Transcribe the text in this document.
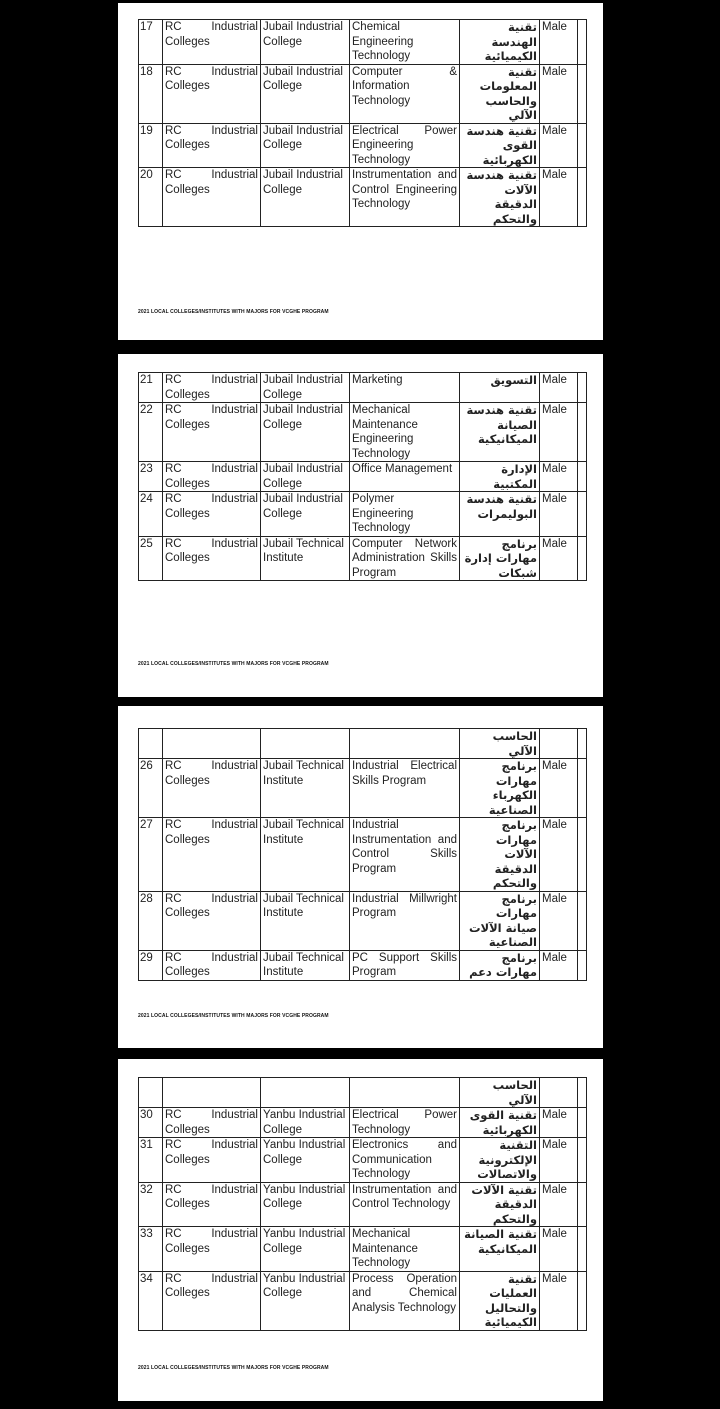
17	RC Industrial
Colleges	Jubail Industrial College	Chemical Engineering Technology	تقنية الهندسة الكيميائية	Male	
18	RC Industrial
Colleges	Jubail Industrial College	Computer & Information Technology	تقنية المعلومات والحاسب الآلي	Male	
19	RC Industrial
Colleges	Jubail Industrial College	Electrical Power Engineering Technology	تقنية هندسة القوى الكهربائية	Male	
20	RC Industrial
Colleges	Jubail Industrial College	Instrumentation and Control Engineering Technology	تقنية هندسة الآلات الدقيقة والتحكم	Male	
2021 LOCAL COLLEGES/INSTITUTES WITH MAJORS FOR VCGHE PROGRAM
21	RC Industrial
Colleges	Jubail Industrial College	Marketing	التسويق	Male	
22	RC Industrial
Colleges	Jubail Industrial College	Mechanical Maintenance Engineering Technology	تقنية هندسة الصيانة الميكانيكية	Male	
23	RC Industrial
Colleges	Jubail Industrial College	Office Management	الإدارة المكتبية	Male	
24	RC Industrial
Colleges	Jubail Industrial College	Polymer Engineering Technology	تقنية هندسة البوليمرات	Male	
25	RC Industrial
Colleges	Jubail Technical Institute	Computer Network Administration Skills Program	برنامج مهارات إدارة شبكات	Male	
2021 LOCAL COLLEGES/INSTITUTES WITH MAJORS FOR VCGHE PROGRAM
				الحاسب الآلي		
26	RC Industrial
Colleges	Jubail Technical Institute	Industrial Electrical Skills Program	برنامج مهارات الكهرباء الصناعية	Male	
27	RC Industrial
Colleges	Jubail Technical Institute	Industrial Instrumentation and Control Skills Program	برنامج مهارات الآلات الدقيقة والتحكم	Male	
28	RC Industrial
Colleges	Jubail Technical Institute	Industrial Millwright Program	برنامج مهارات صيانة الآلات الصناعية	Male	
29	RC Industrial
Colleges	Jubail Technical Institute	PC Support Skills Program	برنامج مهارات دعم	Male	
2021 LOCAL COLLEGES/INSTITUTES WITH MAJORS FOR VCGHE PROGRAM
				الحاسب الآلي		
30	RC Industrial
Colleges	Yanbu Industrial College	Electrical Power Technology	تقنية القوى الكهربائية	Male	
31	RC Industrial
Colleges	Yanbu Industrial College	Electronics and Communication Technology	التقنية الإلكترونية والاتصالات	Male	
32	RC Industrial
Colleges	Yanbu Industrial College	Instrumentation and Control Technology	تقنية الآلات الدقيقة والتحكم	Male	
33	RC Industrial
Colleges	Yanbu Industrial College	Mechanical Maintenance Technology	تقنية الصيانة الميكانيكية	Male	
34	RC Industrial
Colleges	Yanbu Industrial College	Process Operation and Chemical Analysis Technology	تقنية العمليات والتحاليل الكيميائية	Male	
2021 LOCAL COLLEGES/INSTITUTES WITH MAJORS FOR VCGHE PROGRAM
